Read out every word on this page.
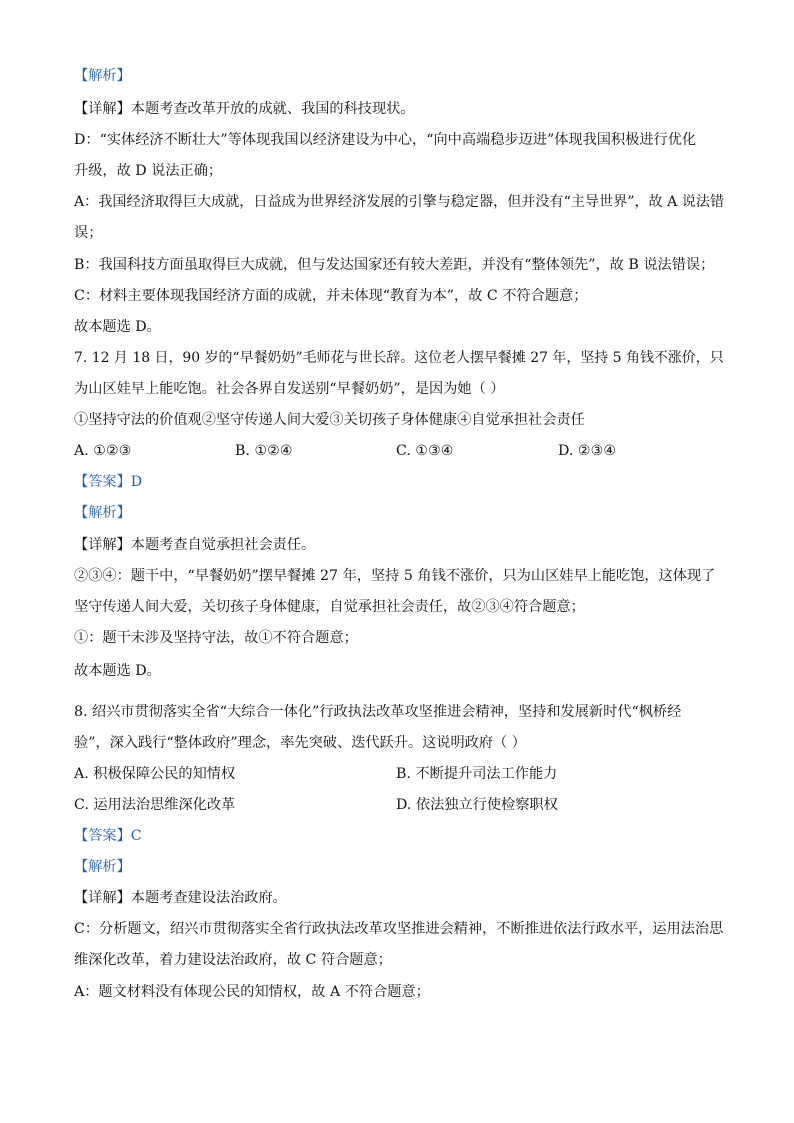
【解析】
【详解】本题考查改革开放的成就、我国的科技现状。
D：“实体经济不断壮大”等体现我国以经济建设为中心，“向中高端稳步迈进”体现我国积极进行优化
升级，故 D 说法正确；
A：我国经济取得巨大成就，日益成为世界经济发展的引擎与稳定器，但并没有“主导世界”，故 A 说法错
误；
B：我国科技方面虽取得巨大成就，但与发达国家还有较大差距，并没有“整体领先”，故 B 说法错误；
C：材料主要体现我国经济方面的成就，并未体现“教育为本”，故 C 不符合题意；
故本题选 D。
7. 12 月 18 日，90 岁的“早餐奶奶”毛师花与世长辞。这位老人摆早餐摊 27 年，坚持 5 角钱不涨价，只
为山区娃早上能吃饱。社会各界自发送别“早餐奶奶”，是因为她（ ）
①坚持守法的价值观②坚守传递人间大爱③关切孩子身体健康④自觉承担社会责任
A. ①②③	B. ①②④	C. ①③④	D. ②③④
【答案】D
【解析】
【详解】本题考查自觉承担社会责任。
②③④：题干中，“早餐奶奶”摆早餐摊 27 年，坚持 5 角钱不涨价，只为山区娃早上能吃饱，这体现了
坚守传递人间大爱，关切孩子身体健康，自觉承担社会责任，故②③④符合题意；
①：题干未涉及坚持守法，故①不符合题意；
故本题选 D。
8. 绍兴市贯彻落实全省“大综合一体化”行政执法改革攻坚推进会精神，坚持和发展新时代“枫桥经
验”，深入践行“整体政府”理念，率先突破、迭代跃升。这说明政府（ ）
A. 积极保障公民的知情权	B. 不断提升司法工作能力
C. 运用法治思维深化改革	D. 依法独立行使检察职权
【答案】C
【解析】
【详解】本题考查建设法治政府。
C：分析题文，绍兴市贯彻落实全省行政执法改革攻坚推进会精神，不断推进依法行政水平，运用法治思
维深化改革，着力建设法治政府，故 C 符合题意；
A：题文材料没有体现公民的知情权，故 A 不符合题意；
